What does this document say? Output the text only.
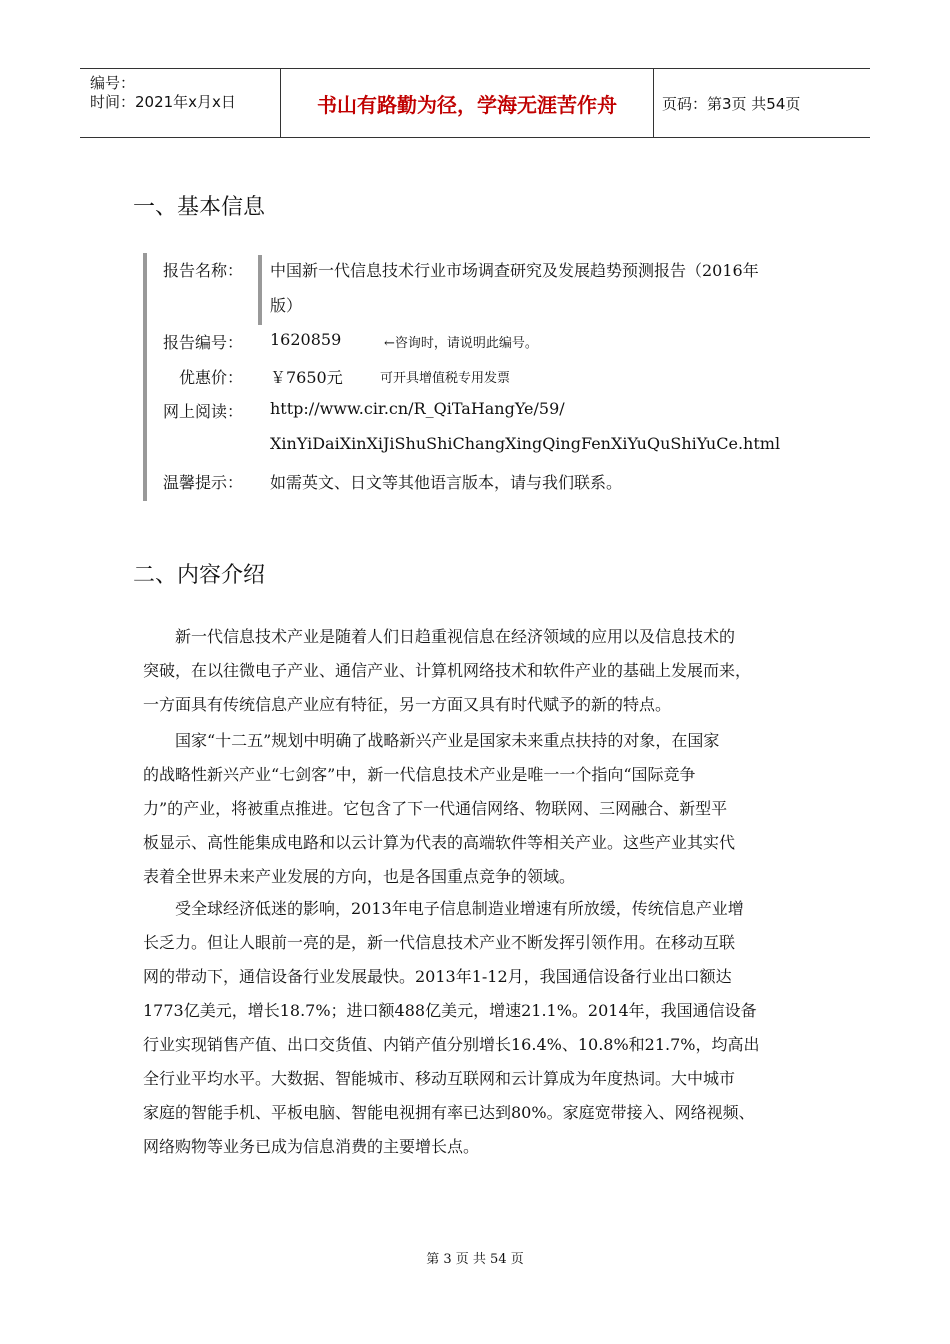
编号：
时间：2021年x月x日	书山有路勤为径，学海无涯苦作舟	页码：第3页 共54页
一、基本信息
报告名称： 中国新一代信息技术行业市场调查研究及发展趋势预测报告（2016年
版）
报告编号： 1620859	←咨询时，请说明此编号。
优惠价： ￥7650元	可开具增值税专用发票
网上阅读： http://www.cir.cn/R_QiTaHangYe/59/
XinYiDaiXinXiJiShuShiChangXingQingFenXiYuQuShiYuCe.html
温馨提示： 如需英文、日文等其他语言版本，请与我们联系。
二、内容介绍
　　新一代信息技术产业是随着人们日趋重视信息在经济领域的应用以及信息技术的
突破，在以往微电子产业、通信产业、计算机网络技术和软件产业的基础上发展而来，
一方面具有传统信息产业应有特征，另一方面又具有时代赋予的新的特点。
　　国家“十二五”规划中明确了战略新兴产业是国家未来重点扶持的对象，在国家
的战略性新兴产业“七剑客”中，新一代信息技术产业是唯一一个指向“国际竞争
力”的产业，将被重点推进。它包含了下一代通信网络、物联网、三网融合、新型平
板显示、高性能集成电路和以云计算为代表的高端软件等相关产业。这些产业其实代
表着全世界未来产业发展的方向，也是各国重点竞争的领域。
　　受全球经济低迷的影响，2013年电子信息制造业增速有所放缓，传统信息产业增
长乏力。但让人眼前一亮的是，新一代信息技术产业不断发挥引领作用。在移动互联
网的带动下，通信设备行业发展最快。2013年1-12月，我国通信设备行业出口额达
1773亿美元，增长18.7%；进口额488亿美元，增速21.1%。2014年，我国通信设备
行业实现销售产值、出口交货值、内销产值分别增长16.4%、10.8%和21.7%，均高出
全行业平均水平。大数据、智能城市、移动互联网和云计算成为年度热词。大中城市
家庭的智能手机、平板电脑、智能电视拥有率已达到80%。家庭宽带接入、网络视频、
网络购物等业务已成为信息消费的主要增长点。
第 3 页 共 54 页
